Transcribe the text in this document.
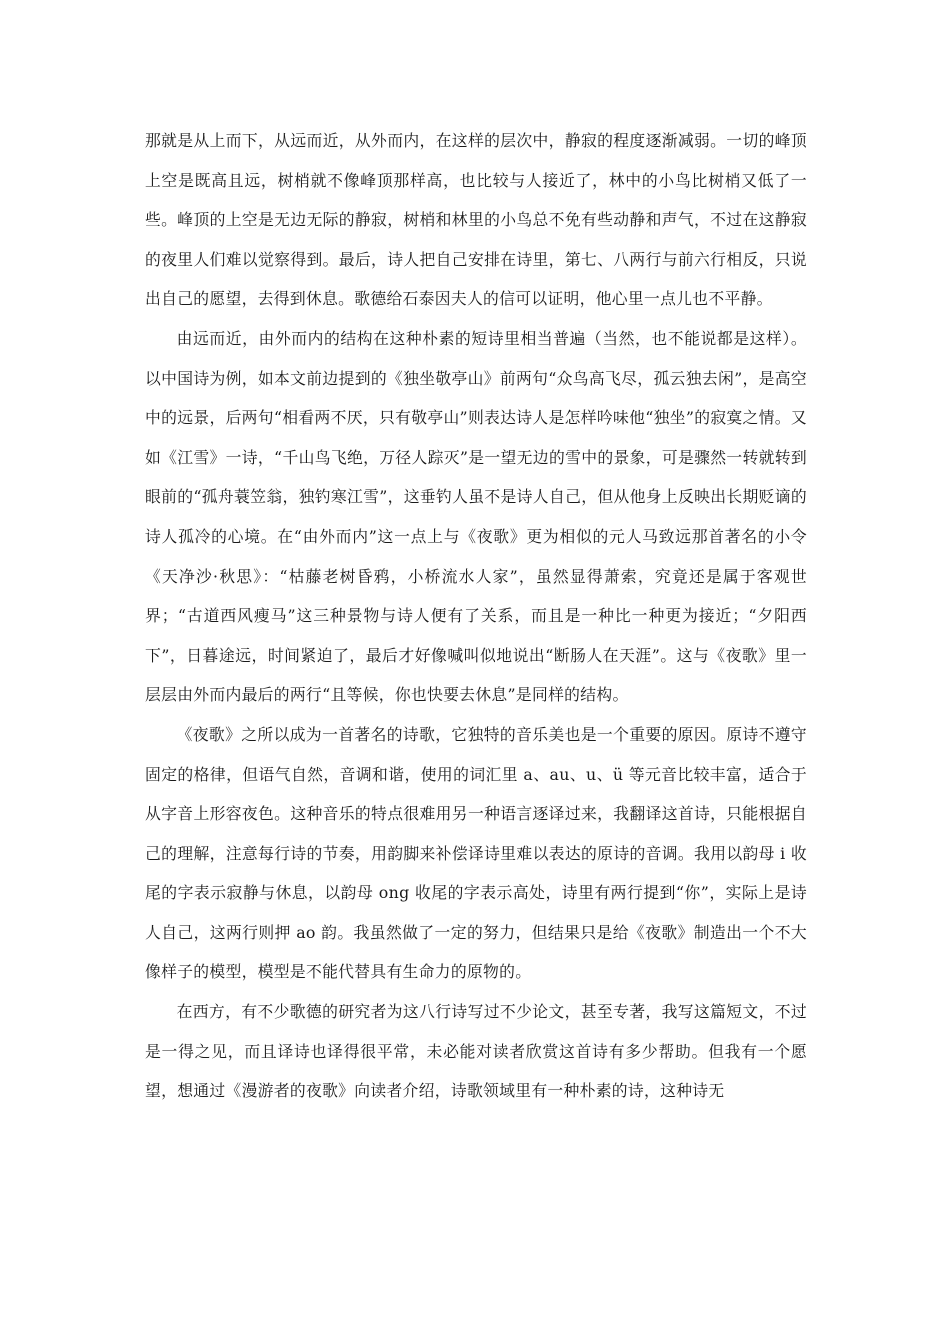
那就是从上而下，从远而近，从外而内，在这样的层次中，静寂的程度逐渐减弱。一切的峰顶上空是既高且远，树梢就不像峰顶那样高，也比较与人接近了，林中的小鸟比树梢又低了一些。峰顶的上空是无边无际的静寂，树梢和林里的小鸟总不免有些动静和声气，不过在这静寂的夜里人们难以觉察得到。最后，诗人把自己安排在诗里，第七、八两行与前六行相反，只说出自己的愿望，去得到休息。歌德给石泰因夫人的信可以证明，他心里一点儿也不平静。

由远而近，由外而内的结构在这种朴素的短诗里相当普遍（当然，也不能说都是这样）。以中国诗为例，如本文前边提到的《独坐敬亭山》前两句“众鸟高飞尽，孤云独去闲”，是高空中的远景，后两句“相看两不厌，只有敬亭山”则表达诗人是怎样吟味他“独坐”的寂寞之情。又如《江雪》一诗，“千山鸟飞绝，万径人踪灭”是一望无边的雪中的景象，可是骤然一转就转到眼前的“孤舟蓑笠翁，独钓寒江雪”，这垂钓人虽不是诗人自己，但从他身上反映出长期贬谪的诗人孤冷的心境。在“由外而内”这一点上与《夜歌》更为相似的元人马致远那首著名的小令《天净沙·秋思》：“枯藤老树昏鸦，小桥流水人家”，虽然显得萧索，究竟还是属于客观世界；“古道西风瘦马”这三种景物与诗人便有了关系，而且是一种比一种更为接近；“夕阳西下”，日暮途远，时间紧迫了，最后才好像喊叫似地说出“断肠人在天涯”。这与《夜歌》里一层层由外而内最后的两行“且等候，你也快要去休息”是同样的结构。

《夜歌》之所以成为一首著名的诗歌，它独特的音乐美也是一个重要的原因。原诗不遵守固定的格律，但语气自然，音调和谐，使用的词汇里 a、au、u、ü 等元音比较丰富，适合于从字音上形容夜色。这种音乐的特点很难用另一种语言逐译过来，我翻译这首诗，只能根据自己的理解，注意每行诗的节奏，用韵脚来补偿译诗里难以表达的原诗的音调。我用以韵母 i 收尾的字表示寂静与休息，以韵母 ong 收尾的字表示高处，诗里有两行提到“你”，实际上是诗人自己，这两行则押 ao 韵。我虽然做了一定的努力，但结果只是给《夜歌》制造出一个不大像样子的模型，模型是不能代替具有生命力的原物的。

在西方，有不少歌德的研究者为这八行诗写过不少论文，甚至专著，我写这篇短文，不过是一得之见，而且译诗也译得很平常，未必能对读者欣赏这首诗有多少帮助。但我有一个愿望，想通过《漫游者的夜歌》向读者介绍，诗歌领域里有一种朴素的诗，这种诗无
